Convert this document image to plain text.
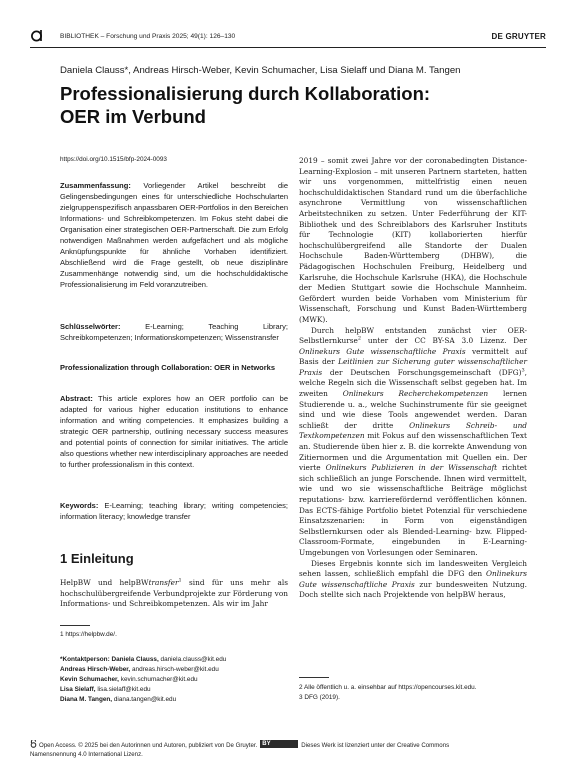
BIBLIOTHEK – Forschung und Praxis 2025; 49(1): 126–130	DE GRUYTER
Daniela Clauss*, Andreas Hirsch-Weber, Kevin Schumacher, Lisa Sielaff und Diana M. Tangen
Professionalisierung durch Kollaboration:
OER im Verbund
https://doi.org/10.1515/bfp-2024-0093

Zusammenfassung: Vorliegender Artikel beschreibt die Gelingensbedingungen eines für unterschiedliche Hochschularten zielgruppenspezifisch anpassbaren OER-Portfolios in den Bereichen Informations- und Schreibkompetenzen. Im Fokus steht dabei die Organisation einer strategischen OER-Partnerschaft. Die zum Erfolg notwendigen Maßnahmen werden aufgefächert und als mögliche Anknüpfungspunkte für ähnliche Vorhaben identifiziert. Abschließend wird die Frage gestellt, ob neue disziplinäre Zusammenhänge notwendig sind, um die hochschuldidaktische Professionalisierung im Feld voranzutreiben.

Schlüsselwörter:	E-Learning; Teaching Library; Schreibkompetenzen; Informationskompetenzen; Wissenstransfer

Professionalization through Collaboration: OER in Networks

Abstract: This article explores how an OER portfolio can be adapted for various higher education institutions to enhance information and writing competencies. It emphasizes building a strategic OER partnership, outlining necessary success measures and potential points of connection for similar initiatives. The article also questions whether new interdisciplinary approaches are needed to further professionalism in this context.

Keywords: E-Learning; teaching library; writing competencies; information literacy; knowledge transfer

1 Einleitung

HelpBW und helpBWtransfer$^1$ sind für uns mehr als hochschulübergreifende Verbundprojekte zur Förderung von Informations- und Schreibkompetenzen. Als wir im Jahr

1 https://helpbw.de/.
*Kontaktperson: Daniela Clauss, daniela.clauss@kit.edu
Andreas Hirsch-Weber, andreas.hirsch-weber@kit.edu
Kevin Schumacher, kevin.schumacher@kit.edu
Lisa Sielaff, lisa.sielaff@kit.edu
Diana M. Tangen, diana.tangen@kit.edu

2019 – somit zwei Jahre vor der coronabedingten Distance-Learning-Explosion – mit unseren Partnern starteten, hatten wir uns vorgenommen, mittelfristig einen neuen hochschuldidaktischen Standard rund um die überfachliche asynchrone Vermittlung von wissenschaftlichen Arbeitstechniken zu setzen. Unter Federführung der KIT-Bibliothek und des Schreiblabors des Karlsruher Instituts für Technologie (KIT) kollaborierten hierfür hochschulübergreifend alle Standorte der Dualen Hochschule Baden-Württemberg (DHBW), die Pädagogischen Hochschulen Freiburg, Heidelberg und Karlsruhe, die Hochschule Karlsruhe (HKA), die Hochschule der Medien Stuttgart sowie die Hochschule Mannheim. Gefördert wurden beide Vorhaben vom Ministerium für Wissenschaft, Forschung und Kunst Baden-Württemberg (MWK).

Durch helpBW entstanden zunächst vier OER-Selbstlernkurse$^2$ unter der CC BY-SA 3.0 Lizenz. Der Onlinekurs Gute wissenschaftliche Praxis vermittelt auf Basis der Leitlinien zur Sicherung guter wissenschaftlicher Praxis der Deutschen Forschungsgemeinschaft (DFG)$^3$, welche Regeln sich die Wissenschaft selbst gegeben hat. Im zweiten Onlinekurs Recherchekompetenzen lernen Studierende u. a., welche Suchinstrumente für sie geeignet sind und wie diese Tools angewendet werden. Daran schließt der dritte Onlinekurs Schreib- und Textkompetenzen mit Fokus auf den wissenschaftlichen Text an. Studierende üben hier z. B. die korrekte Anwendung von Zitiernormen und die Argumentation mit Quellen ein. Der vierte Onlinekurs Publizieren in der Wissenschaft richtet sich schließlich an junge Forschende. Ihnen wird vermittelt, wie und wo sie wissenschaftliche Beiträge möglichst reputations- bzw. karrierefördernd veröffentlichen können. Das ECTS-fähige Portfolio bietet Potenzial für verschiedene Einsatzszenarien: in Form von eigenständigen Selbstlernkursen oder als Blended-Learning- bzw. Flipped-Classroom-Formate, eingebunden in E-Learning-Umgebungen von Vorlesungen oder Seminaren.

Dieses Ergebnis konnte sich im landesweiten Vergleich sehen lassen, schließlich empfahl die DFG den Onlinekurs Gute wissenschaftliche Praxis zur bundesweiten Nutzung. Doch stellte sich nach Projektende von helpBW heraus,

2 Alle öffentlich u. a. einsehbar auf https://opencourses.kit.edu.
3 DFG (2019).
Open Access. © 2025 bei den Autorinnen und Autoren, publiziert von De Gruyter. BY	Dieses Werk ist lizenziert unter der Creative Commons
Namensnennung 4.0 International Lizenz.
